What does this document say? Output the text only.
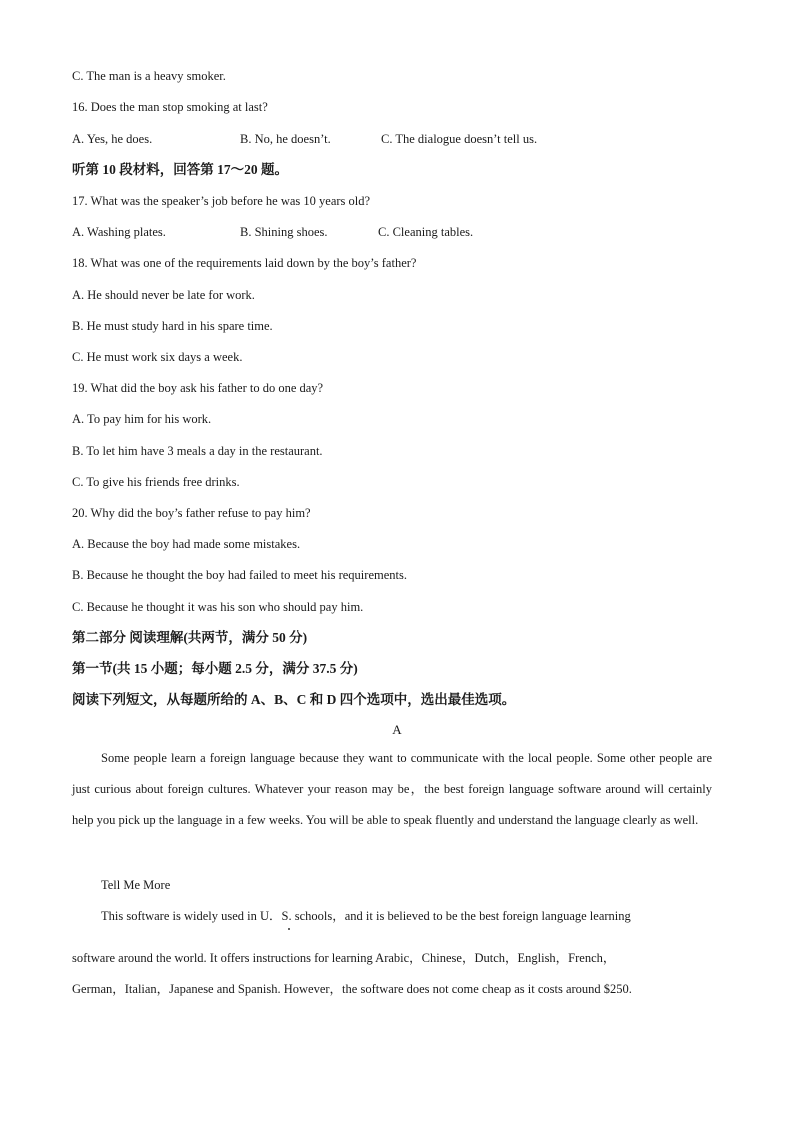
C. The man is a heavy smoker.
16. Does the man stop smoking at last?
A. Yes, he does.	B. No, he doesn’t.	C. The dialogue doesn’t tell us.
听第 10 段材料，回答第 17～20 题。
17. What was the speaker’s job before he was 10 years old?
A. Washing plates.	B. Shining shoes.	C. Cleaning tables.
18. What was one of the requirements laid down by the boy’s father?
A. He should never be late for work.
B. He must study hard in his spare time.
C. He must work six days a week.
19. What did the boy ask his father to do one day?
A. To pay him for his work.
B. To let him have 3 meals a day in the restaurant.
C. To give his friends free drinks.
20. Why did the boy’s father refuse to pay him?
A. Because the boy had made some mistakes.
B. Because he thought the boy had failed to meet his requirements.
C. Because he thought it was his son who should pay him.
第二部分 阅读理解(共两节，满分 50 分)
第一节(共 15 小题；每小题 2.5 分，满分 37.5 分)
阅读下列短文，从每题所给的 A、B、C 和 D 四个选项中，选出最佳选项。
A
Some people learn a foreign language because they want to communicate with the local people. Some other people are just curious about foreign cultures. Whatever your reason may be，the best foreign language software around will certainly help you pick up the language in a few weeks. You will be able to speak fluently and understand the language clearly as well.
Tell Me More
This software is widely used in U．S. schools，and it is believed to be the best foreign language learning
software around the world. It offers instructions for learning Arabic，Chinese，Dutch，English，French，
German，Italian，Japanese and Spanish. However，the software does not come cheap as it costs around $250.
